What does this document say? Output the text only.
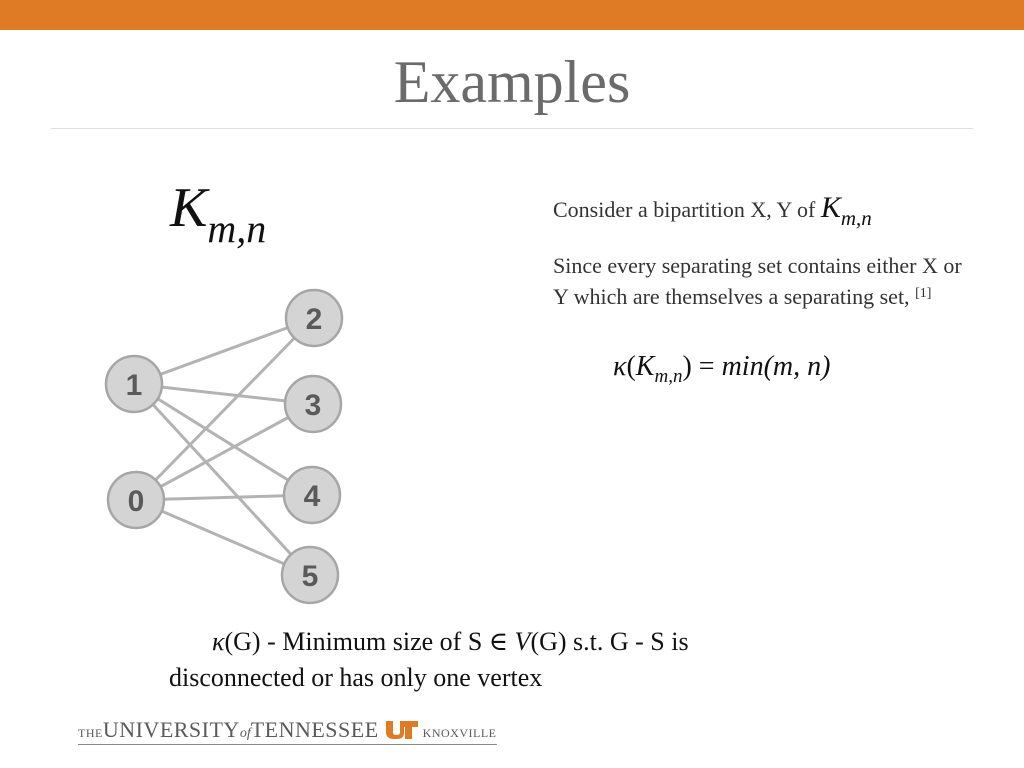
Examples
$K_{m,n}$
1
0
2
3
4
5
Consider a bipartition X, Y of $K_{m,n}$
Since every separating set contains either X or Y which are themselves a separating set, [1]
$\kappa(K_{m,n}) = \min(m$, n)
κ(G) - Minimum size of S ∈ V(G) s.t. G - S is
disconnected or has only one vertex
THEUNIVERSITYofTENNESSEE	KNOXVILLE
